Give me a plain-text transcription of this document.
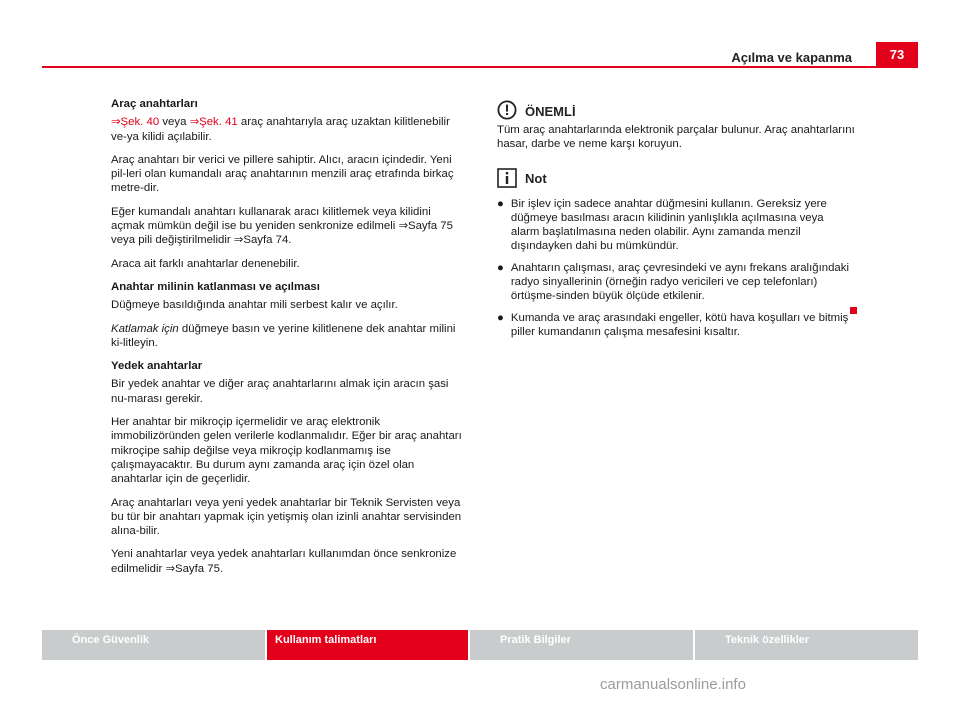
Açılma ve kapanma	73

Araç anahtarları

⇒Şek. 40 veya ⇒Şek. 41 araç anahtarıyla araç uzaktan kilitlenebilir ve-ya kilidi açılabilir.

Araç anahtarı bir verici ve pillere sahiptir. Alıcı, aracın içindedir. Yeni pil-leri olan kumandalı araç anahtarının menzili araç etrafında birkaç metre-dir.

Eğer kumandalı anahtarı kullanarak aracı kilitlemek veya kilidini açmak mümkün değil ise bu yeniden senkronize edilmeli ⇒Sayfa 75 veya pili değiştirilmelidir ⇒Sayfa 74.

Araca ait farklı anahtarlar denenebilir.

Anahtar milinin katlanması ve açılması

Düğmeye basıldığında anahtar mili serbest kalır ve açılır.

Katlamak için düğmeye basın ve yerine kilitlenene dek anahtar milini ki-litleyin.

Yedek anahtarlar

Bir yedek anahtar ve diğer araç anahtarlarını almak için aracın şasi nu-marası gerekir.

Her anahtar bir mikroçip içermelidir ve araç elektronik immobilizöründen gelen verilerle kodlanmalıdır. Eğer bir araç anahtarı mikroçipe sahip değilse veya mikroçip kodlanmamış ise çalışmayacaktır. Bu durum aynı zamanda araç için özel olan anahtarlar için de geçerlidir.

Araç anahtarları veya yeni yedek anahtarlar bir Teknik Servisten veya bu tür bir anahtarı yapmak için yetişmiş olan izinli anahtar servisinden alına-bilir.

Yeni anahtarlar veya yedek anahtarları kullanımdan önce senkronize edilmelidir ⇒Sayfa 75.

ÖNEMLİ

Tüm araç anahtarlarında elektronik parçalar bulunur. Araç anahtarlarını hasar, darbe ve neme karşı koruyun.

Not
● Bir işlev için sadece anahtar düğmesini kullanın. Gereksiz yere düğmeye basılması aracın kilidinin yanlışlıkla açılmasına veya alarm başlatılmasına neden olabilir. Aynı zamanda menzil dışındayken dahi bu mümkündür.
● Anahtarın çalışması, araç çevresindeki ve aynı frekans aralığındaki radyo sinyallerinin (örneğin radyo vericileri ve cep telefonları) örtüşme-sinden büyük ölçüde etkilenir.
● Kumanda ve araç arasındaki engeller, kötü hava koşulları ve bitmiş piller kumandanın çalışma mesafesini kısaltır.
Önce Güvenlik	Kullanım talimatları	Pratik Bilgiler	Teknik özellikler
carmanualsonline.info
